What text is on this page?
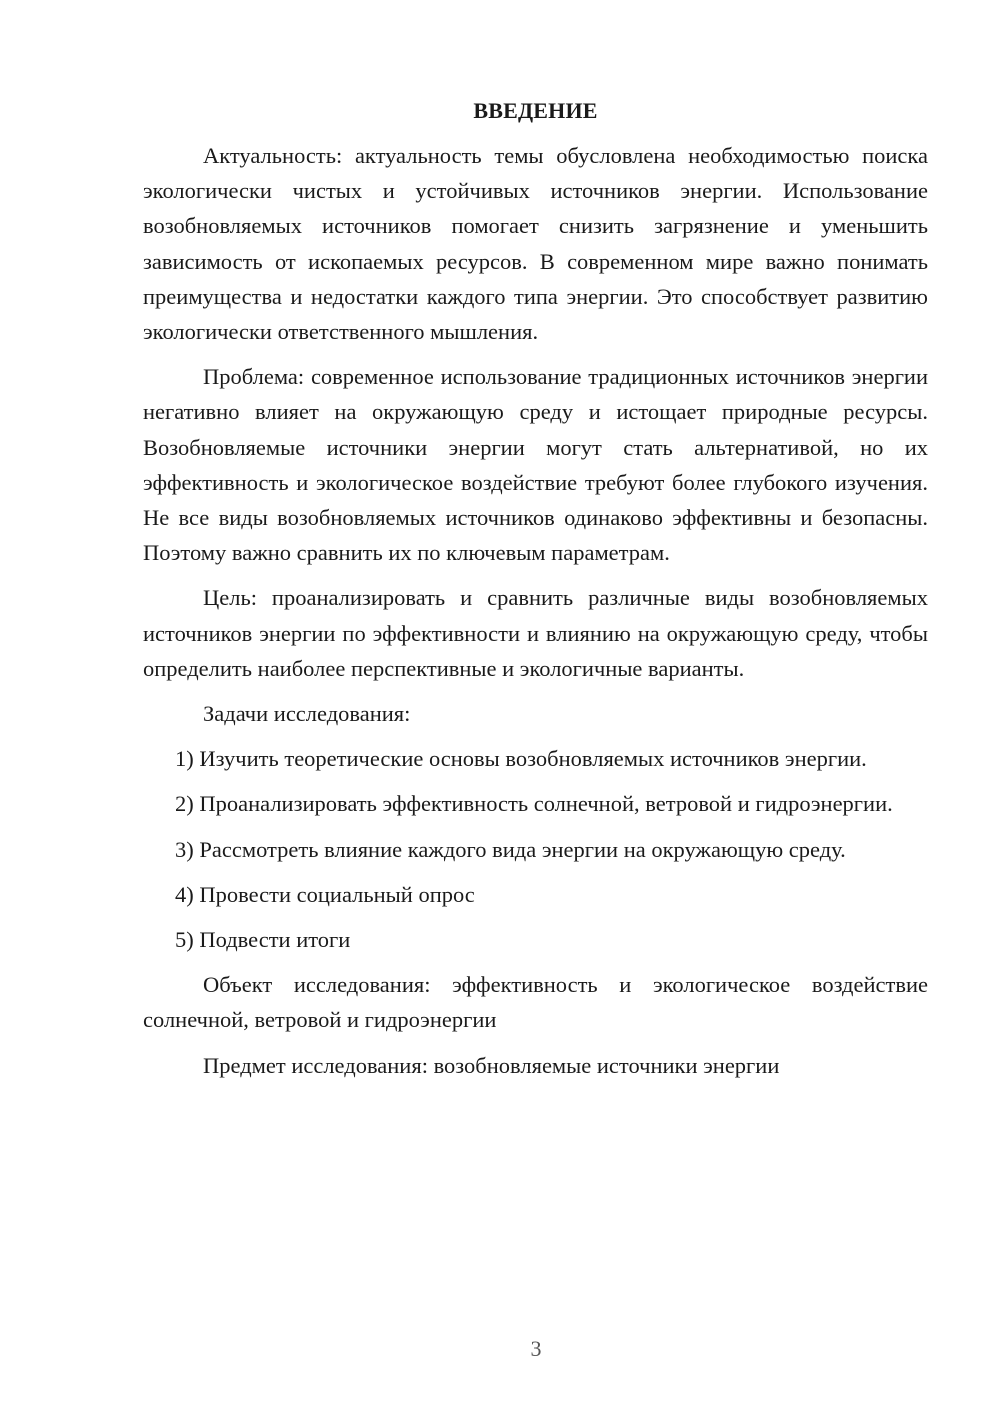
ВВЕДЕНИЕ

Актуальность: актуальность темы обусловлена необходимостью поиска экологически чистых и устойчивых источников энергии. Использование возобновляемых источников помогает снизить загрязнение и уменьшить зависимость от ископаемых ресурсов. В современном мире важно понимать преимущества и недостатки каждого типа энергии. Это способствует развитию экологически ответственного мышления.

Проблема: современное использование традиционных источников энергии негативно влияет на окружающую среду и истощает природные ресурсы. Возобновляемые источники энергии могут стать альтернативой, но их эффективность и экологическое воздействие требуют более глубокого изучения. Не все виды возобновляемых источников одинаково эффективны и безопасны. Поэтому важно сравнить их по ключевым параметрам.

Цель: проанализировать и сравнить различные виды возобновляемых источников энергии по эффективности и влиянию на окружающую среду, чтобы определить наиболее перспективные и экологичные варианты.

Задачи исследования:

1) Изучить теоретические основы возобновляемых источников энергии.

2) Проанализировать эффективность солнечной, ветровой и гидроэнергии.

3) Рассмотреть влияние каждого вида энергии на окружающую среду.

4) Провести социальный опрос

5) Подвести итоги

Объект исследования: эффективность и экологическое воздействие солнечной, ветровой и гидроэнергии

Предмет исследования: возобновляемые источники энергии

3
